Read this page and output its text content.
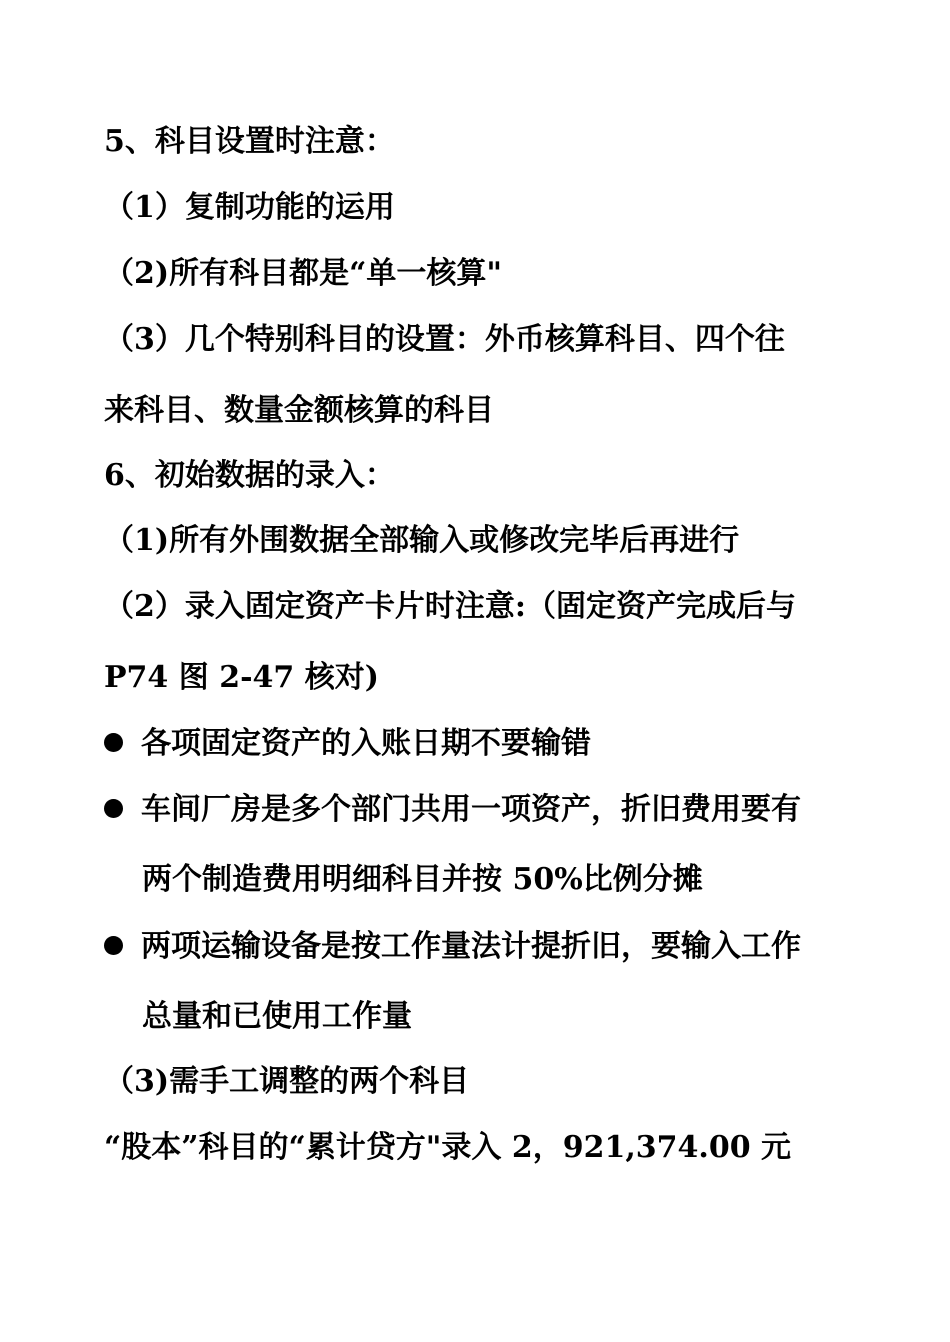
5、科目设置时注意：
（1）复制功能的运用
（2)所有科目都是“单一核算"
（3）几个特别科目的设置：外币核算科目、四个往
来科目、数量金额核算的科目
6、初始数据的录入：
（1)所有外围数据全部输入或修改完毕后再进行
（2）录入固定资产卡片时注意:（固定资产完成后与
P74 图 2-47 核对)
各项固定资产的入账日期不要输错
车间厂房是多个部门共用一项资产，折旧费用要有
两个制造费用明细科目并按 50%比例分摊
两项运输设备是按工作量法计提折旧，要输入工作
总量和已使用工作量
（3)需手工调整的两个科目
“股本”科目的“累计贷方"录入 2，921,374.00 元
